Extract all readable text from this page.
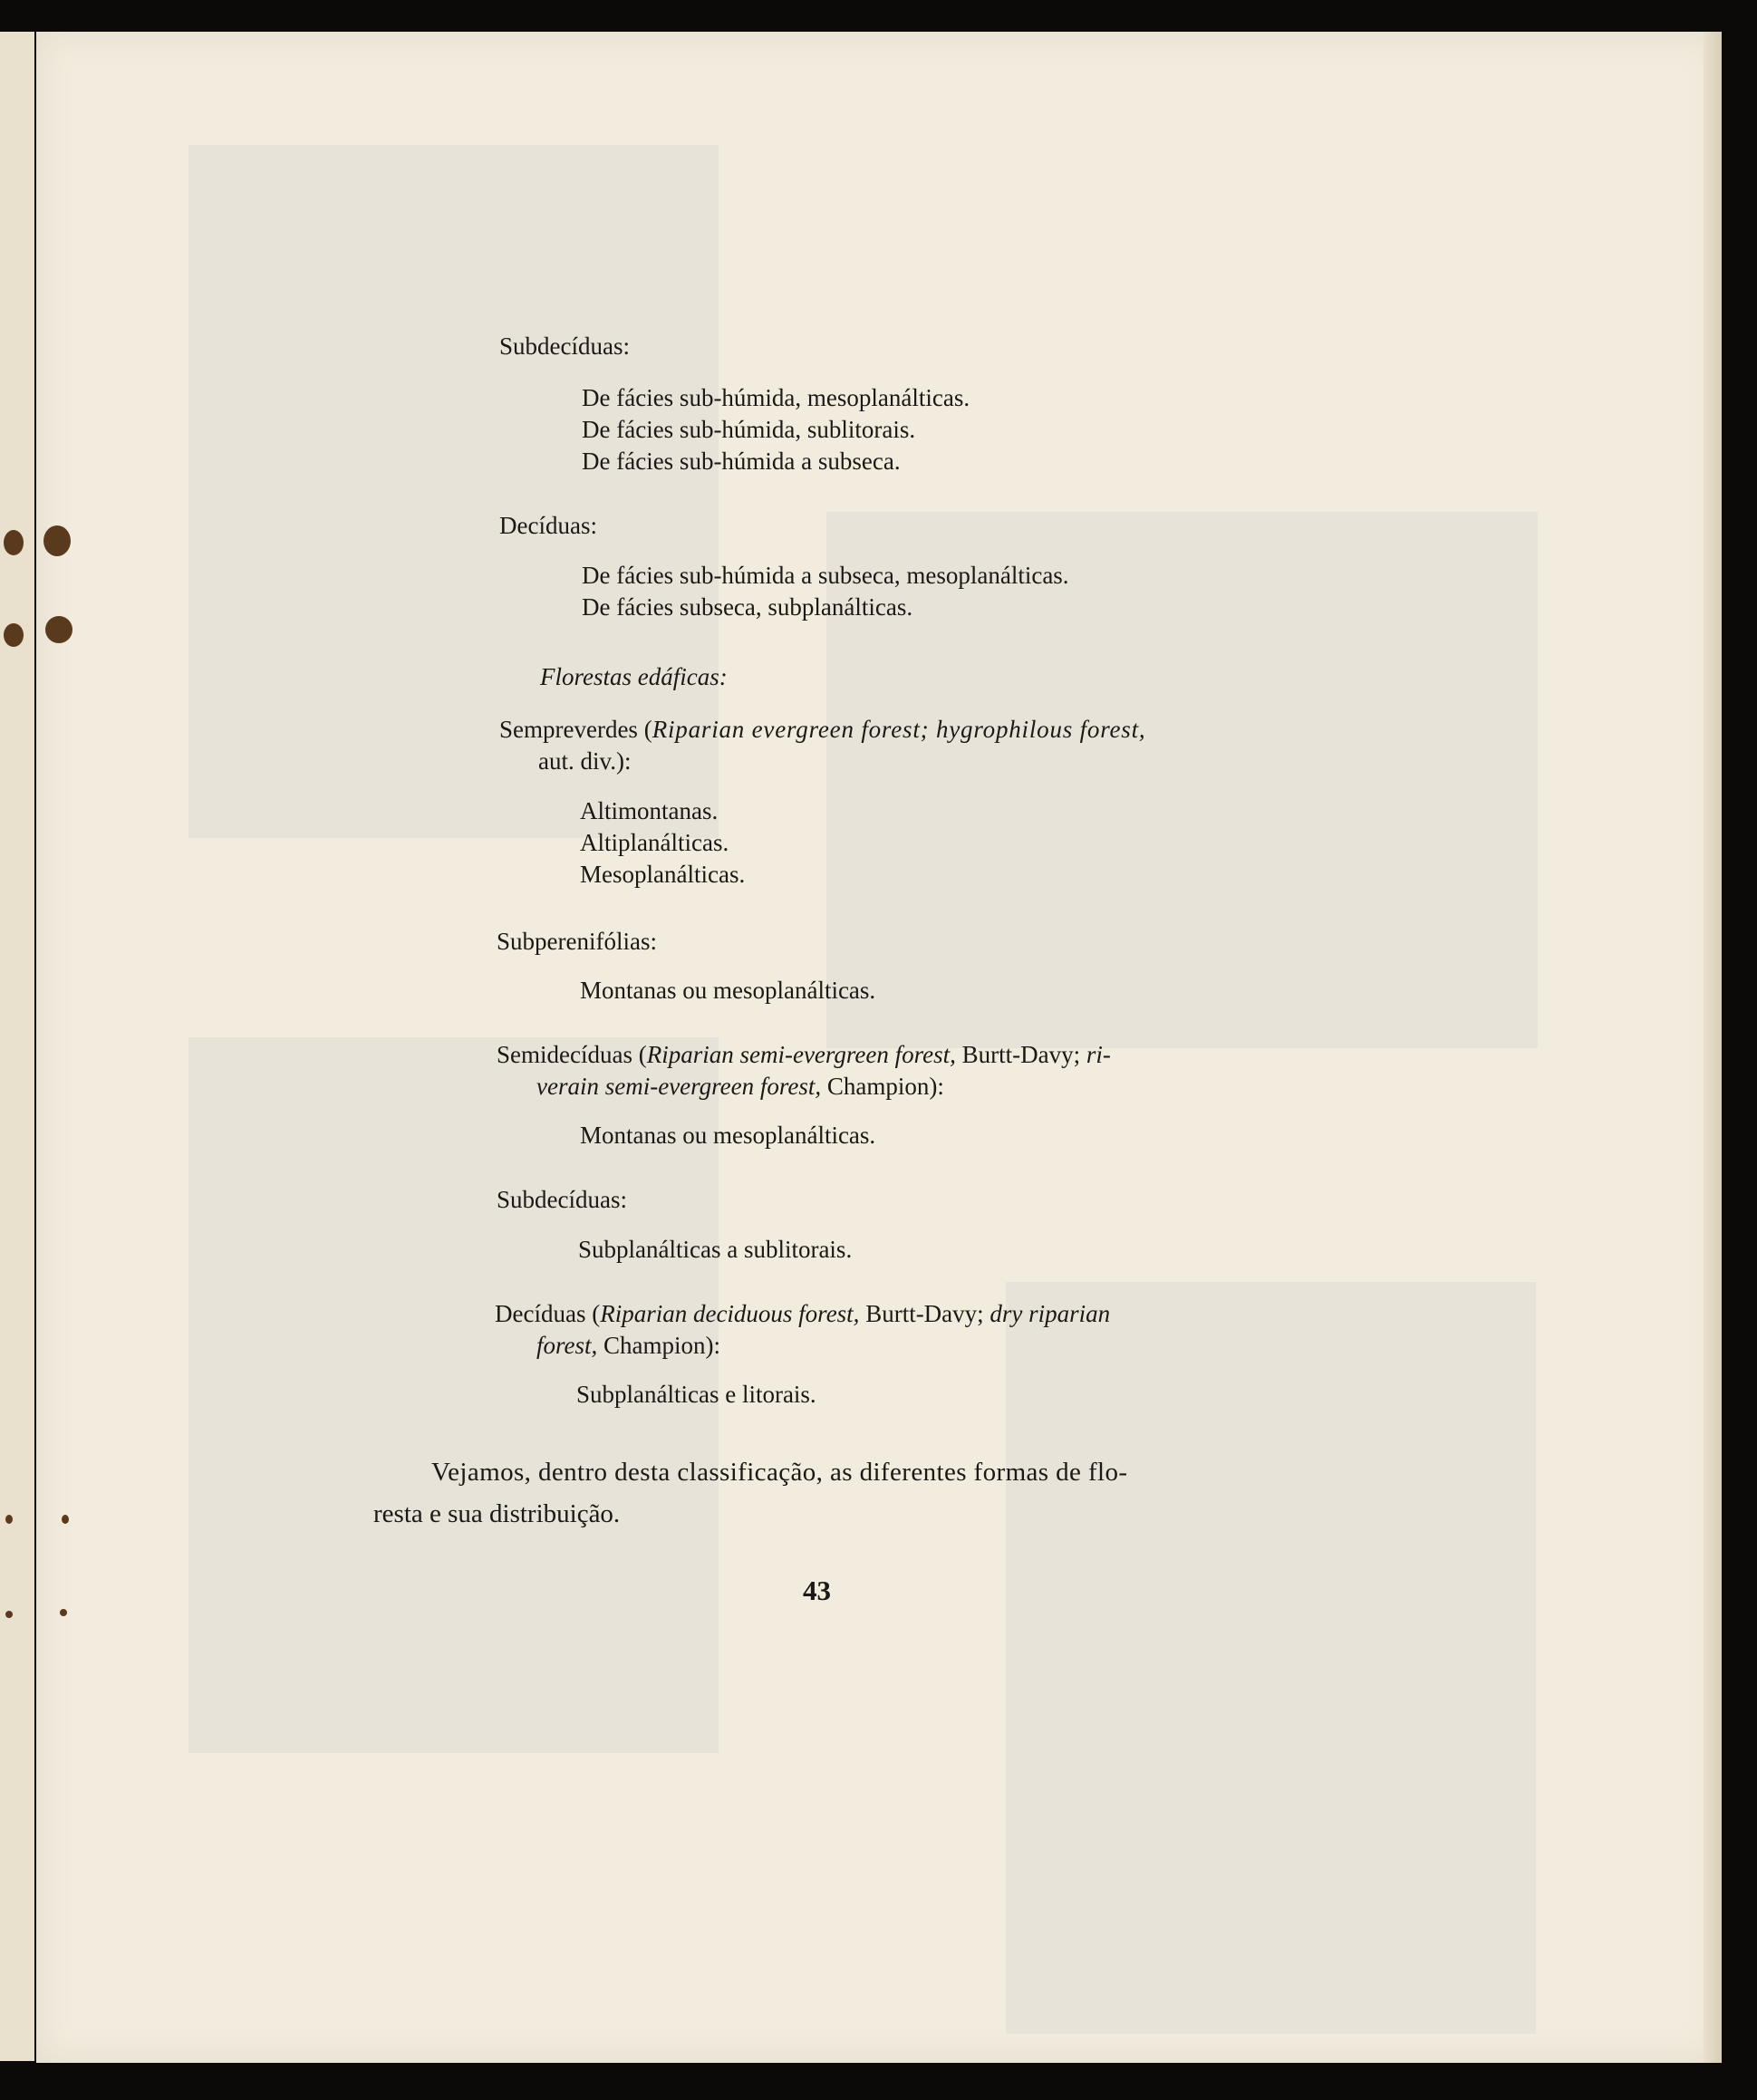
Subdecíduas:
De fácies sub-húmida, mesoplanálticas.
De fácies sub-húmida, sublitorais.
De fácies sub-húmida a subseca.
Decíduas:
De fácies sub-húmida a subseca, mesoplanálticas.
De fácies subseca, subplanálticas.
Florestas edáficas:
Sempreverdes (Riparian evergreen forest; hygrophilous forest,
aut. div.):
Altimontanas.
Altiplanálticas.
Mesoplanálticas.
Subperenifólias:
Montanas ou mesoplanálticas.
Semidecíduas (Riparian semi-evergreen forest, Burtt-Davy; ri-
verain semi-evergreen forest, Champion):
Montanas ou mesoplanálticas.
Subdecíduas:
Subplanálticas a sublitorais.
Decíduas (Riparian deciduous forest, Burtt-Davy; dry riparian
forest, Champion):
Subplanálticas e litorais.
Vejamos, dentro desta classificação, as diferentes formas de flo-
resta e sua distribuição.
43
